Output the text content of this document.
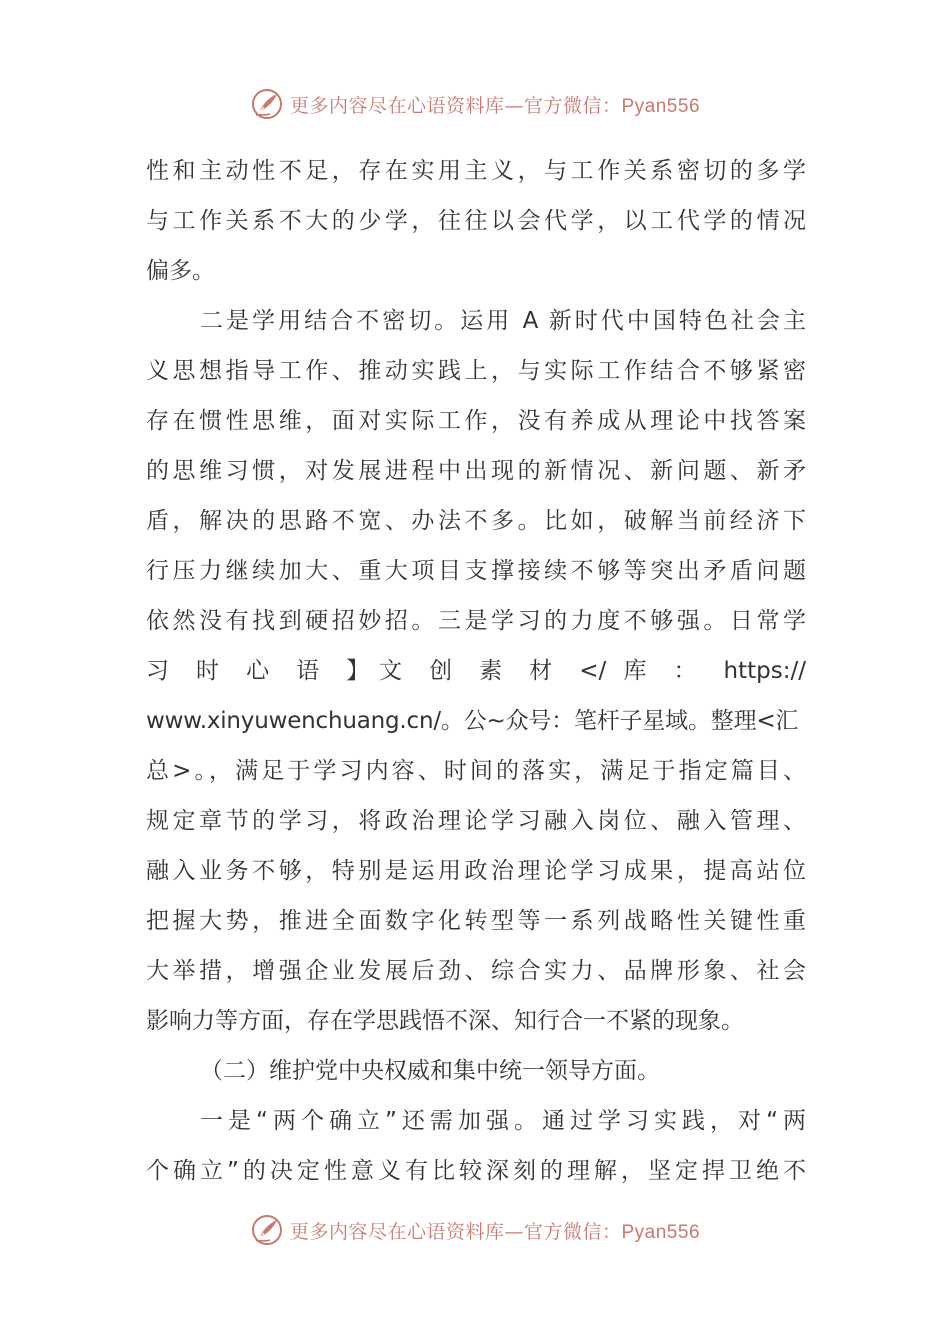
更多内容尽在心语资料库—官方微信：Pyan556
性和主动性不足，存在实用主义，与工作关系密切的多学
与工作关系不大的少学，往往以会代学，以工代学的情况
偏多。
二是学用结合不密切。运用 A 新时代中国特色社会主
义思想指导工作、推动实践上，与实际工作结合不够紧密
存在惯性思维，面对实际工作，没有养成从理论中找答案
的思维习惯，对发展进程中出现的新情况、新问题、新矛
盾，解决的思路不宽、办法不多。比如，破解当前经济下
行压力继续加大、重大项目支撑接续不够等突出矛盾问题
依然没有找到硬招妙招。三是学习的力度不够强。日常学
习 时 心 语 】文 创 素 材 </ 库 ： https://
www.xinyuwenchuang.cn/。公~众号：笔杆子星域。整理<汇
总>。，满足于学习内容、时间的落实，满足于指定篇目、
规定章节的学习，将政治理论学习融入岗位、融入管理、
融入业务不够，特别是运用政治理论学习成果，提高站位
把握大势，推进全面数字化转型等一系列战略性关键性重
大举措，增强企业发展后劲、综合实力、品牌形象、社会
影响力等方面，存在学思践悟不深、知行合一不紧的现象。
（二）维护党中央权威和集中统一领导方面。
一是“两个确立”还需加强。通过学习实践，对“两
个确立”的决定性意义有比较深刻的理解，坚定捍卫绝不
更多内容尽在心语资料库—官方微信：Pyan556
